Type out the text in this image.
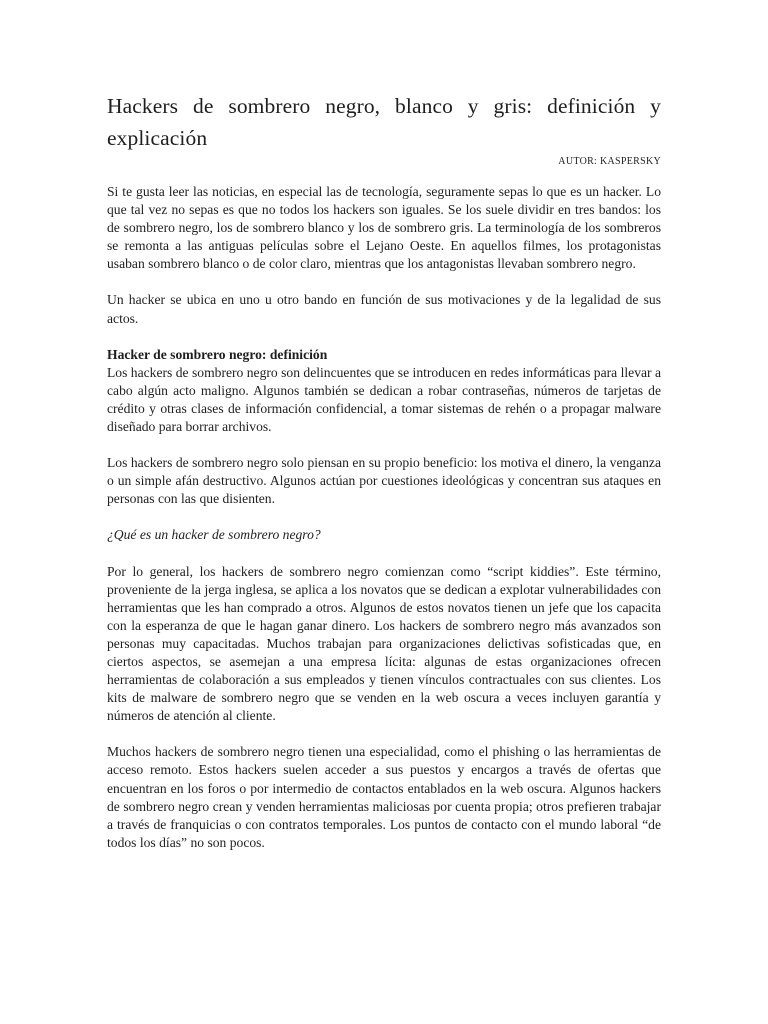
Hackers de sombrero negro, blanco y gris: definición y explicación
AUTOR: KASPERSKY

Si te gusta leer las noticias, en especial las de tecnología, seguramente sepas lo que es un hacker. Lo que tal vez no sepas es que no todos los hackers son iguales. Se los suele dividir en tres bandos: los de sombrero negro, los de sombrero blanco y los de sombrero gris. La terminología de los sombreros se remonta a las antiguas películas sobre el Lejano Oeste. En aquellos filmes, los protagonistas usaban sombrero blanco o de color claro, mientras que los antagonistas llevaban sombrero negro.

Un hacker se ubica en uno u otro bando en función de sus motivaciones y de la legalidad de sus actos.

Hacker de sombrero negro: definición

Los hackers de sombrero negro son delincuentes que se introducen en redes informáticas para llevar a cabo algún acto maligno. Algunos también se dedican a robar contraseñas, números de tarjetas de crédito y otras clases de información confidencial, a tomar sistemas de rehén o a propagar malware diseñado para borrar archivos.

Los hackers de sombrero negro solo piensan en su propio beneficio: los motiva el dinero, la venganza o un simple afán destructivo. Algunos actúan por cuestiones ideológicas y concentran sus ataques en personas con las que disienten.

¿Qué es un hacker de sombrero negro?

Por lo general, los hackers de sombrero negro comienzan como “script kiddies”. Este término, proveniente de la jerga inglesa, se aplica a los novatos que se dedican a explotar vulnerabilidades con herramientas que les han comprado a otros. Algunos de estos novatos tienen un jefe que los capacita con la esperanza de que le hagan ganar dinero. Los hackers de sombrero negro más avanzados son personas muy capacitadas. Muchos trabajan para organizaciones delictivas sofisticadas que, en ciertos aspectos, se asemejan a una empresa lícita: algunas de estas organizaciones ofrecen herramientas de colaboración a sus empleados y tienen vínculos contractuales con sus clientes. Los kits de malware de sombrero negro que se venden en la web oscura a veces incluyen garantía y números de atención al cliente.

Muchos hackers de sombrero negro tienen una especialidad, como el phishing o las herramientas de acceso remoto. Estos hackers suelen acceder a sus puestos y encargos a través de ofertas que encuentran en los foros o por intermedio de contactos entablados en la web oscura. Algunos hackers de sombrero negro crean y venden herramientas maliciosas por cuenta propia; otros prefieren trabajar a través de franquicias o con contratos temporales. Los puntos de contacto con el mundo laboral “de todos los días” no son pocos.
